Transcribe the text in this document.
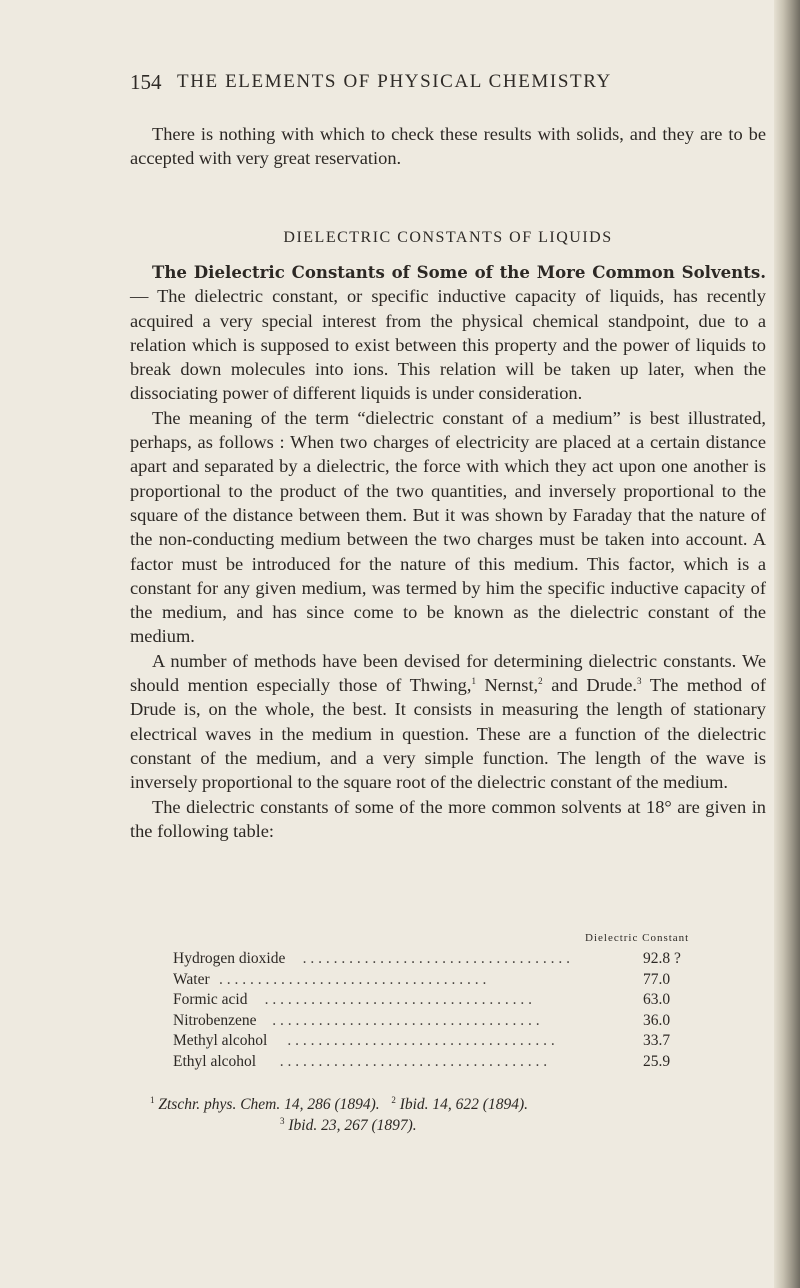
154 THE ELEMENTS OF PHYSICAL CHEMISTRY

There is nothing with which to check these results with solids, and they are to be accepted with very great reservation.

DIELECTRIC CONSTANTS OF LIQUIDS

The Dielectric Constants of Some of the More Common Solvents. — The dielectric constant, or specific inductive capacity of liquids, has recently acquired a very special interest from the physical chemical standpoint, due to a relation which is supposed to exist between this property and the power of liquids to break down molecules into ions. This relation will be taken up later, when the dissociating power of different liquids is under consideration.

The meaning of the term “dielectric constant of a medium” is best illustrated, perhaps, as follows : When two charges of electricity are placed at a certain distance apart and separated by a dielectric, the force with which they act upon one another is proportional to the product of the two quantities, and inversely proportional to the square of the distance between them. But it was shown by Faraday that the nature of the non-conducting medium between the two charges must be taken into account. A factor must be introduced for the nature of this medium. This factor, which is a constant for any given medium, was termed by him the specific inductive capacity of the medium, and has since come to be known as the dielectric constant of the medium.

A number of methods have been devised for determining dielectric constants. We should mention especially those of Thwing,$^1$ Nernst,$^2$ and Drude.$^3$ The method of Drude is, on the whole, the best. It consists in measuring the length of stationary electrical waves in the medium in question. These are a function of the dielectric constant of the medium, and a very simple function. The length of the wave is inversely proportional to the square root of the dielectric constant of the medium.

The dielectric constants of some of the more common solvents at 18° are given in the following table:

Dielectric Constant
. . . . . . . . . . . . . . . . . . . . . . . . . . . . . . . . . . .
Hydrogen dioxide	92.8 ?
. . . . . . . . . . . . . . . . . . . . . . . . . . . . . . . . . . .
Water	77.0
. . . . . . . . . . . . . . . . . . . . . . . . . . . . . . . . . . .
Formic acid	63.0
. . . . . . . . . . . . . . . . . . . . . . . . . . . . . . . . . . .
Nitrobenzene	36.0
. . . . . . . . . . . . . . . . . . . . . . . . . . . . . . . . . . .
Methyl alcohol	33.7
. . . . . . . . . . . . . . . . . . . . . . . . . . . . . . . . . . .
Ethyl alcohol	25.9
$^1$ Ztschr. phys. Chem. 14, 286 (1894). $^2$ Ibid. 14, 622 (1894).
$^3$ Ibid. 23, 267 (1897).
